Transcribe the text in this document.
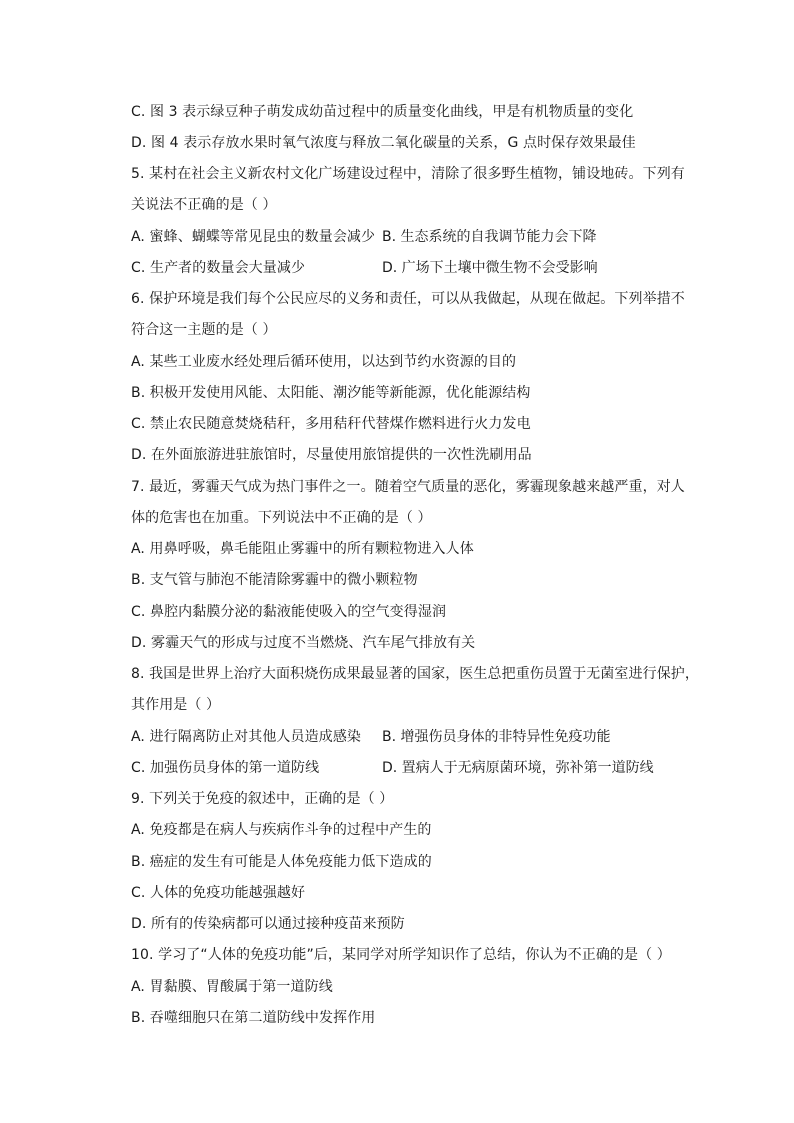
C. 图 3 表示绿豆种子萌发成幼苗过程中的质量变化曲线，甲是有机物质量的变化
D. 图 4 表示存放水果时氧气浓度与释放二氧化碳量的关系，G 点时保存效果最佳
5. 某村在社会主义新农村文化广场建设过程中，清除了很多野生植物，铺设地砖。下列有
关说法不正确的是（ ）
A. 蜜蜂、蝴蝶等常见昆虫的数量会减少 B. 生态系统的自我调节能力会下降
C. 生产者的数量会大量减少	D. 广场下土壤中微生物不会受影响
6. 保护环境是我们每个公民应尽的义务和责任，可以从我做起，从现在做起。下列举措不
符合这一主题的是（ ）
A. 某些工业废水经处理后循环使用，以达到节约水资源的目的
B. 积极开发使用风能、太阳能、潮汐能等新能源，优化能源结构
C. 禁止农民随意焚烧秸秆，多用秸秆代替煤作燃料进行火力发电
D. 在外面旅游进驻旅馆时，尽量使用旅馆提供的一次性洗刷用品
7. 最近，雾霾天气成为热门事件之一。随着空气质量的恶化，雾霾现象越来越严重，对人
体的危害也在加重。下列说法中不正确的是（ ）
A. 用鼻呼吸，鼻毛能阻止雾霾中的所有颗粒物进入人体
B. 支气管与肺泡不能清除雾霾中的微小颗粒物
C. 鼻腔内黏膜分泌的黏液能使吸入的空气变得湿润
D. 雾霾天气的形成与过度不当燃烧、汽车尾气排放有关
8. 我国是世界上治疗大面积烧伤成果最显著的国家，医生总把重伤员置于无菌室进行保护，
其作用是（ ）
A. 进行隔离防止对其他人员造成感染 B. 增强伤员身体的非特异性免疫功能
C. 加强伤员身体的第一道防线	D. 置病人于无病原菌环境，弥补第一道防线
9. 下列关于免疫的叙述中，正确的是（ ）
A. 免疫都是在病人与疾病作斗争的过程中产生的
B. 癌症的发生有可能是人体免疫能力低下造成的
C. 人体的免疫功能越强越好
D. 所有的传染病都可以通过接种疫苗来预防
10. 学习了“人体的免疫功能”后，某同学对所学知识作了总结，你认为不正确的是（ ）
A. 胃黏膜、胃酸属于第一道防线
B. 吞噬细胞只在第二道防线中发挥作用
